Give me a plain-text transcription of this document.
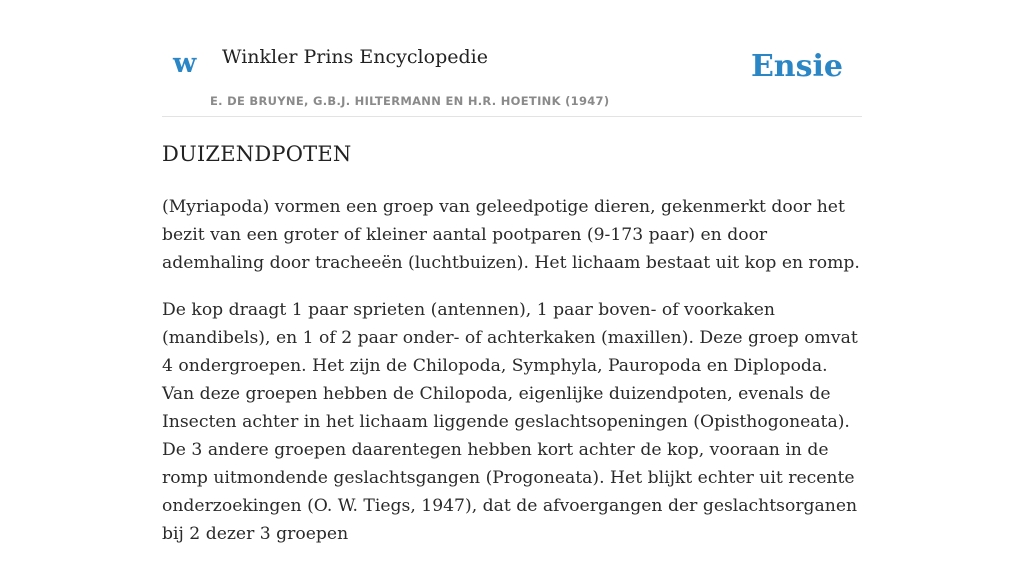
w Winkler Prins Encyclopedie
E. DE BRUYNE, G.B.J. HILTERMANN EN H.R. HOETINK (1947)
Ensie
DUIZENDPOTEN

(Myriapoda) vormen een groep van geleedpotige dieren, gekenmerkt door het bezit van een groter of kleiner aantal pootparen (9-173 paar) en door ademhaling door tracheeën (luchtbuizen). Het lichaam bestaat uit kop en romp.

De kop draagt 1 paar sprieten (antennen), 1 paar boven- of voorkaken (mandibels), en 1 of 2 paar onder- of achterkaken (maxillen). Deze groep omvat 4 ondergroepen. Het zijn de Chilopoda, Symphyla, Pauropoda en Diplopoda. Van deze groepen hebben de Chilopoda, eigenlijke duizendpoten, evenals de Insecten achter in het lichaam liggende geslachtsopeningen (Opisthogoneata). De 3 andere groepen daarentegen hebben kort achter de kop, vooraan in de romp uitmondende geslachtsgangen (Progoneata). Het blijkt echter uit recente onderzoekingen (O. W. Tiegs, 1947), dat de afvoergangen der geslachtsorganen bij 2 dezer 3 groepen
